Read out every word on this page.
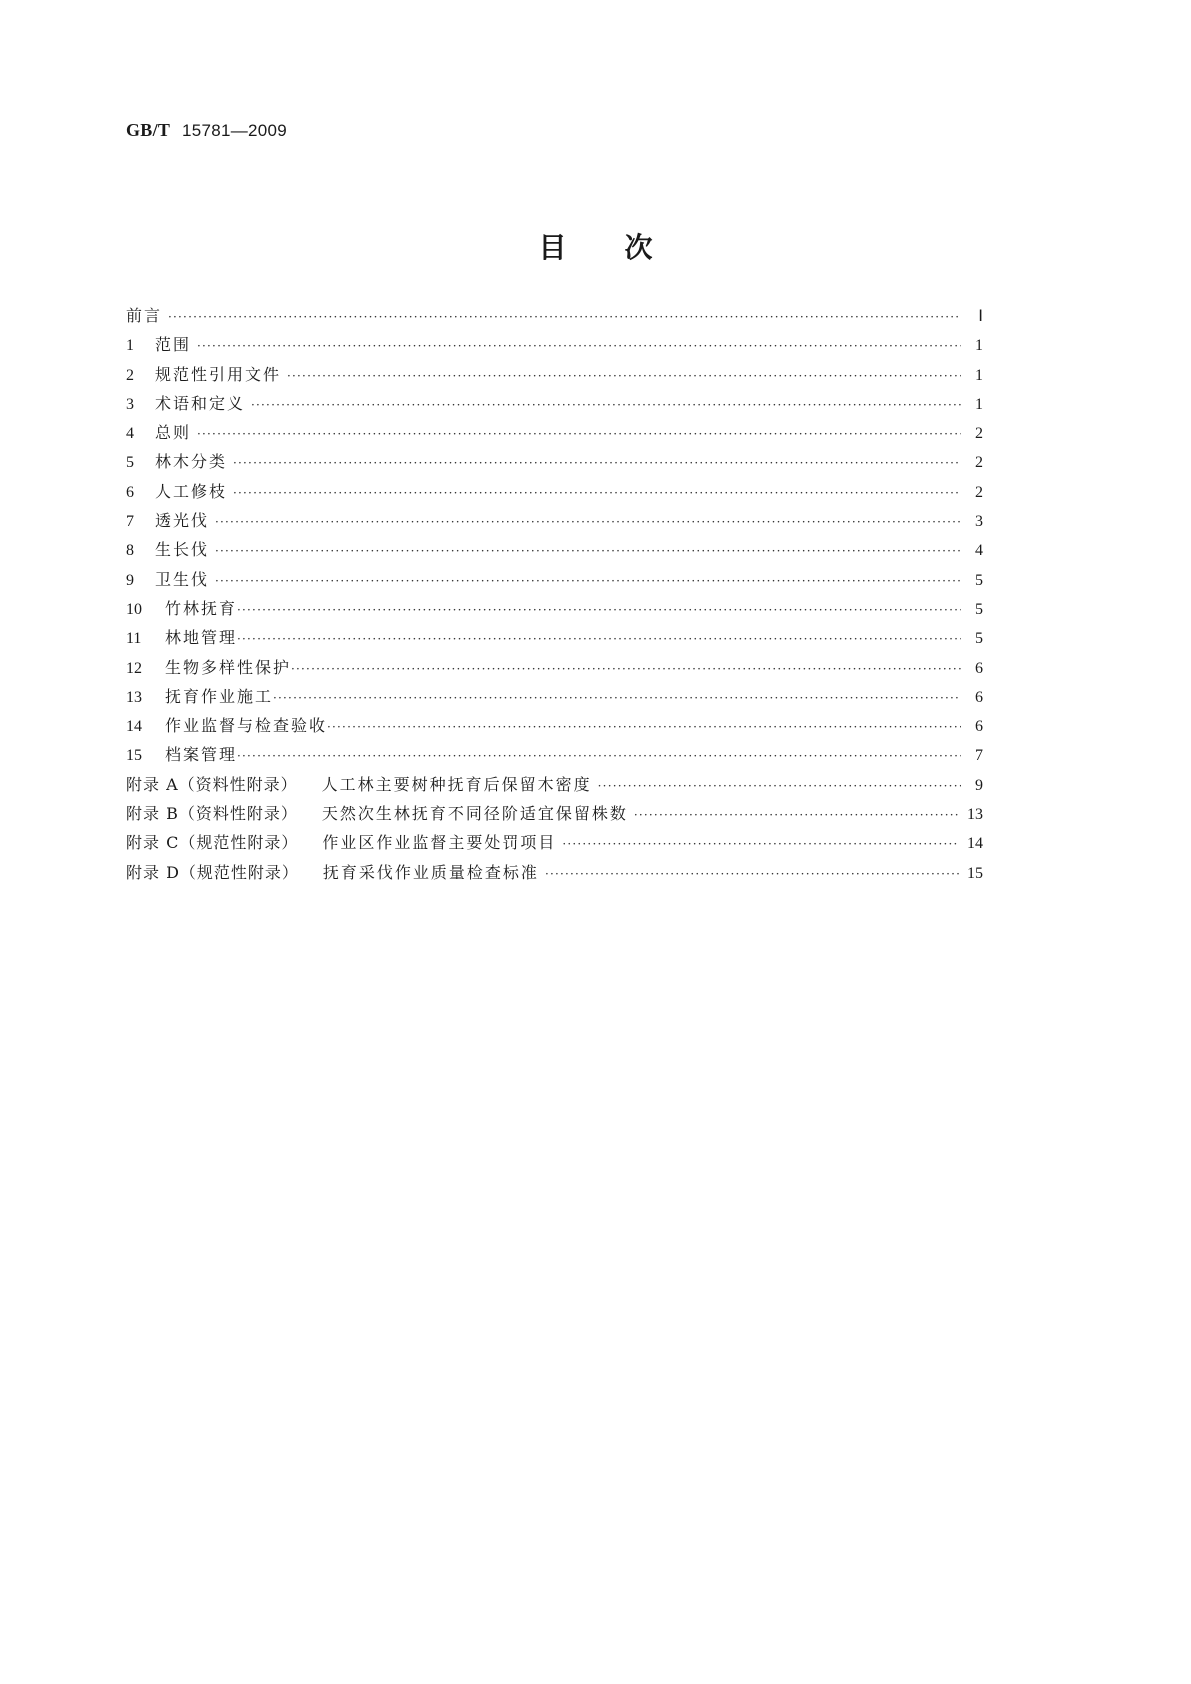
GB/T 15781—2009
目 次
前言 ·····	Ⅰ
1	范围 ·····	1
2	规范性引用文件 ·····	1
3	术语和定义 ·····	1
4	总则 ·····	2
5	林木分类 ·····	2
6	人工修枝 ·····	2
7	透光伐 ·····	3
8	生长伐 ·····	4
9	卫生伐 ·····	5
10	竹林抚育 ·····	5
11	林地管理 ·····	5
12	生物多样性保护 ·····	6
13	抚育作业施工 ·····	6
14	作业监督与检查验收 ·····	6
15	档案管理 ·····	7
附录 A（资料性附录） 人工林主要树种抚育后保留木密度 ·····	9
附录 B（资料性附录） 天然次生林抚育不同径阶适宜保留株数 ·····	13
附录 C（规范性附录） 作业区作业监督主要处罚项目 ·····	14
附录 D（规范性附录） 抚育采伐作业质量检查标准 ·····	15
